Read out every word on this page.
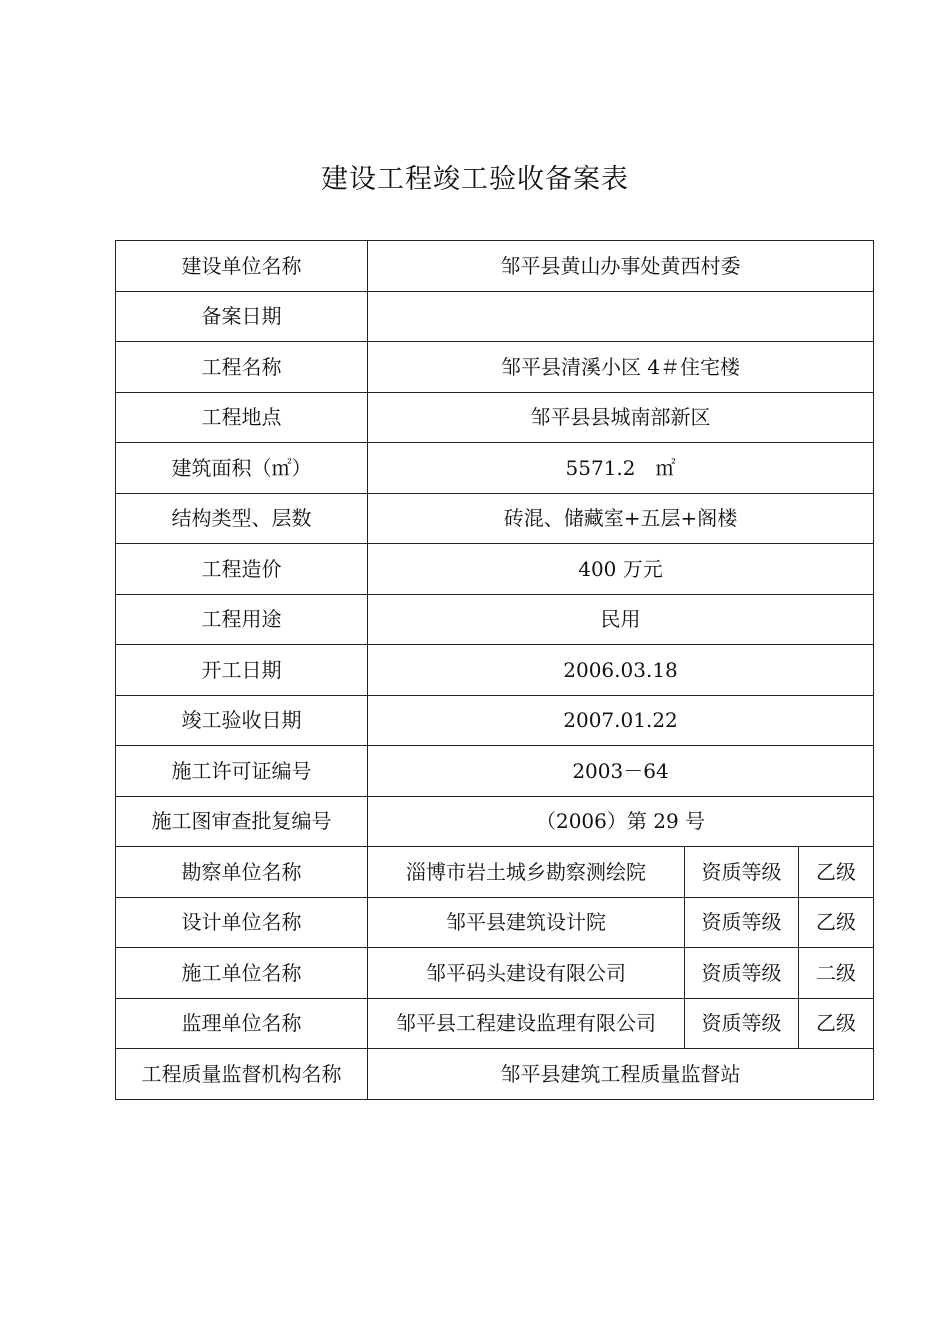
建设工程竣工验收备案表
建设单位名称	邹平县黄山办事处黄西村委		
备案日期			
工程名称	邹平县清溪小区 4＃住宅楼		
工程地点	邹平县县城南部新区		
建筑面积（㎡）	5571.2　㎡		
结构类型、层数	砖混、储藏室+五层+阁楼		
工程造价	400 万元		
工程用途	民用		
开工日期	2006.03.18		
竣工验收日期	2007.01.22		
施工许可证编号	2003－64		
施工图审查批复编号	（2006）第 29 号		
勘察单位名称	淄博市岩土城乡勘察测绘院	资质等级	乙级
设计单位名称	邹平县建筑设计院	资质等级	乙级
施工单位名称	邹平码头建设有限公司	资质等级	二级
监理单位名称	邹平县工程建设监理有限公司	资质等级	乙级
工程质量监督机构名称	邹平县建筑工程质量监督站		
